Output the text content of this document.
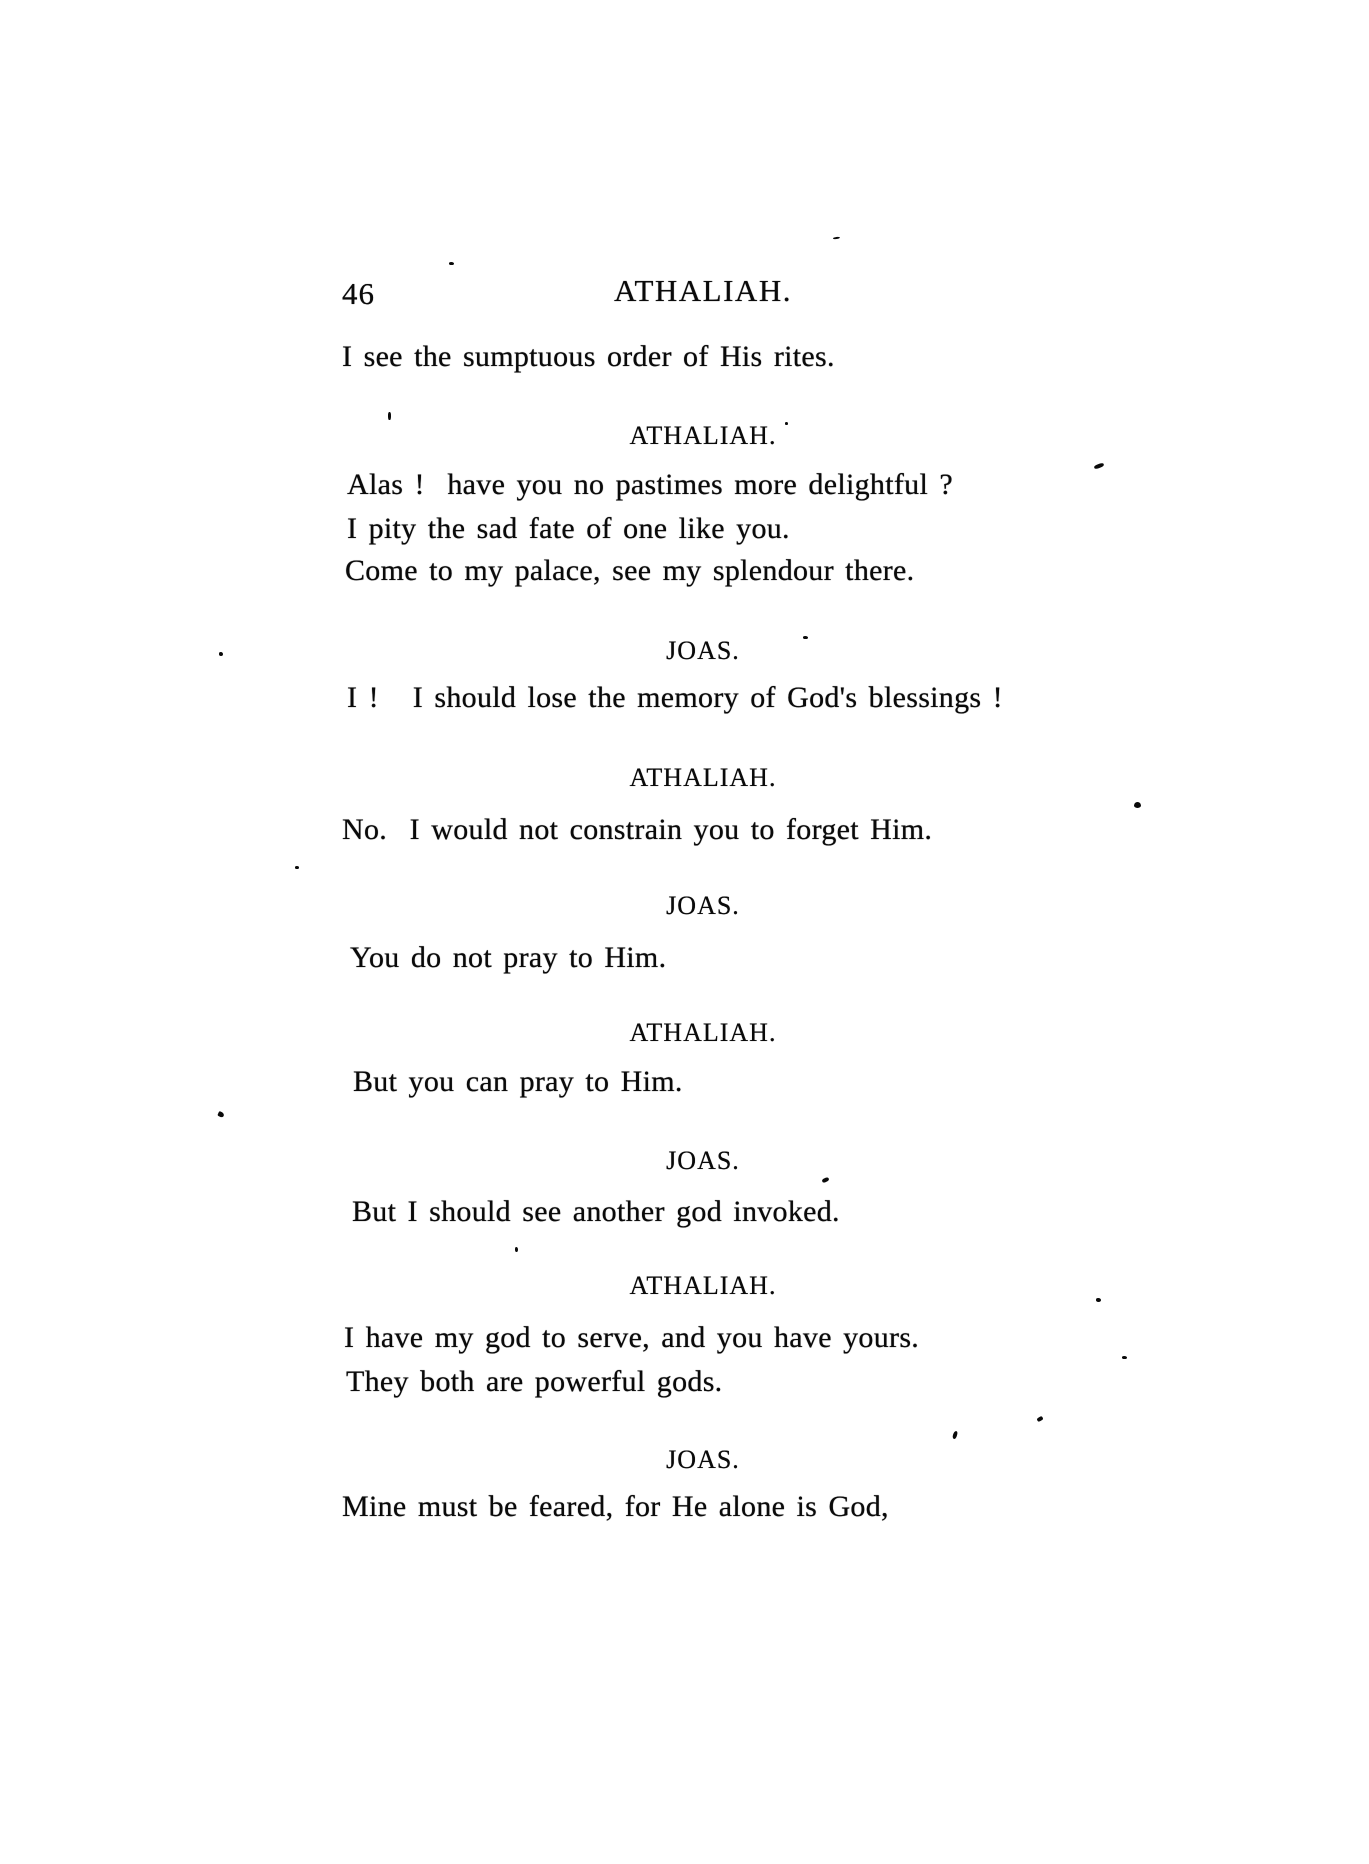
46	ATHALIAH.
I see the sumptuous order of His rites.
ATHALIAH.
Alas !  have you no pastimes more delightful ?
I pity the sad fate of one like you.
Come to my palace, see my splendour there.
JOAS.
I !   I should lose the memory of God's blessings !
ATHALIAH.
No.  I would not constrain you to forget Him.
JOAS.
You do not pray to Him.
ATHALIAH.
But you can pray to Him.
JOAS.
But I should see another god invoked.
ATHALIAH.
I have my god to serve, and you have yours.
They both are powerful gods.
JOAS.
Mine must be feared, for He alone is God,
